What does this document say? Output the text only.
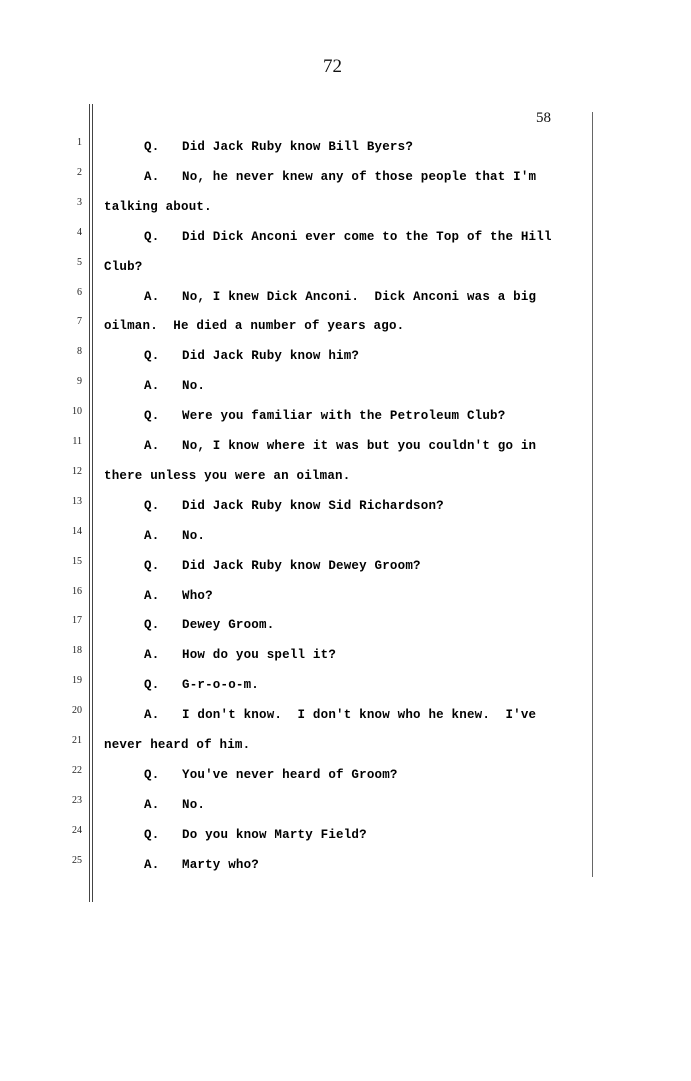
72
58
1	Q. Did Jack Ruby know Bill Byers?
2	A. No, he never knew any of those people that I'm
3 talking about.
4	Q. Did Dick Anconi ever come to the Top of the Hill
5 Club?
6	A. No, I knew Dick Anconi.  Dick Anconi was a big
7 oilman.  He died a number of years ago.
8	Q. Did Jack Ruby know him?
9	A. No.
10	Q. Were you familiar with the Petroleum Club?
11	A. No, I know where it was but you couldn't go in
12 there unless you were an oilman.
13	Q. Did Jack Ruby know Sid Richardson?
14	A. No.
15	Q. Did Jack Ruby know Dewey Groom?
16	A. Who?
17	Q. Dewey Groom.
18	A. How do you spell it?
19	Q. G-r-o-o-m.
20	A. I don't know.  I don't know who he knew.  I've
21 never heard of him.
22	Q. You've never heard of Groom?
23	A. No.
24	Q. Do you know Marty Field?
25	A. Marty who?
